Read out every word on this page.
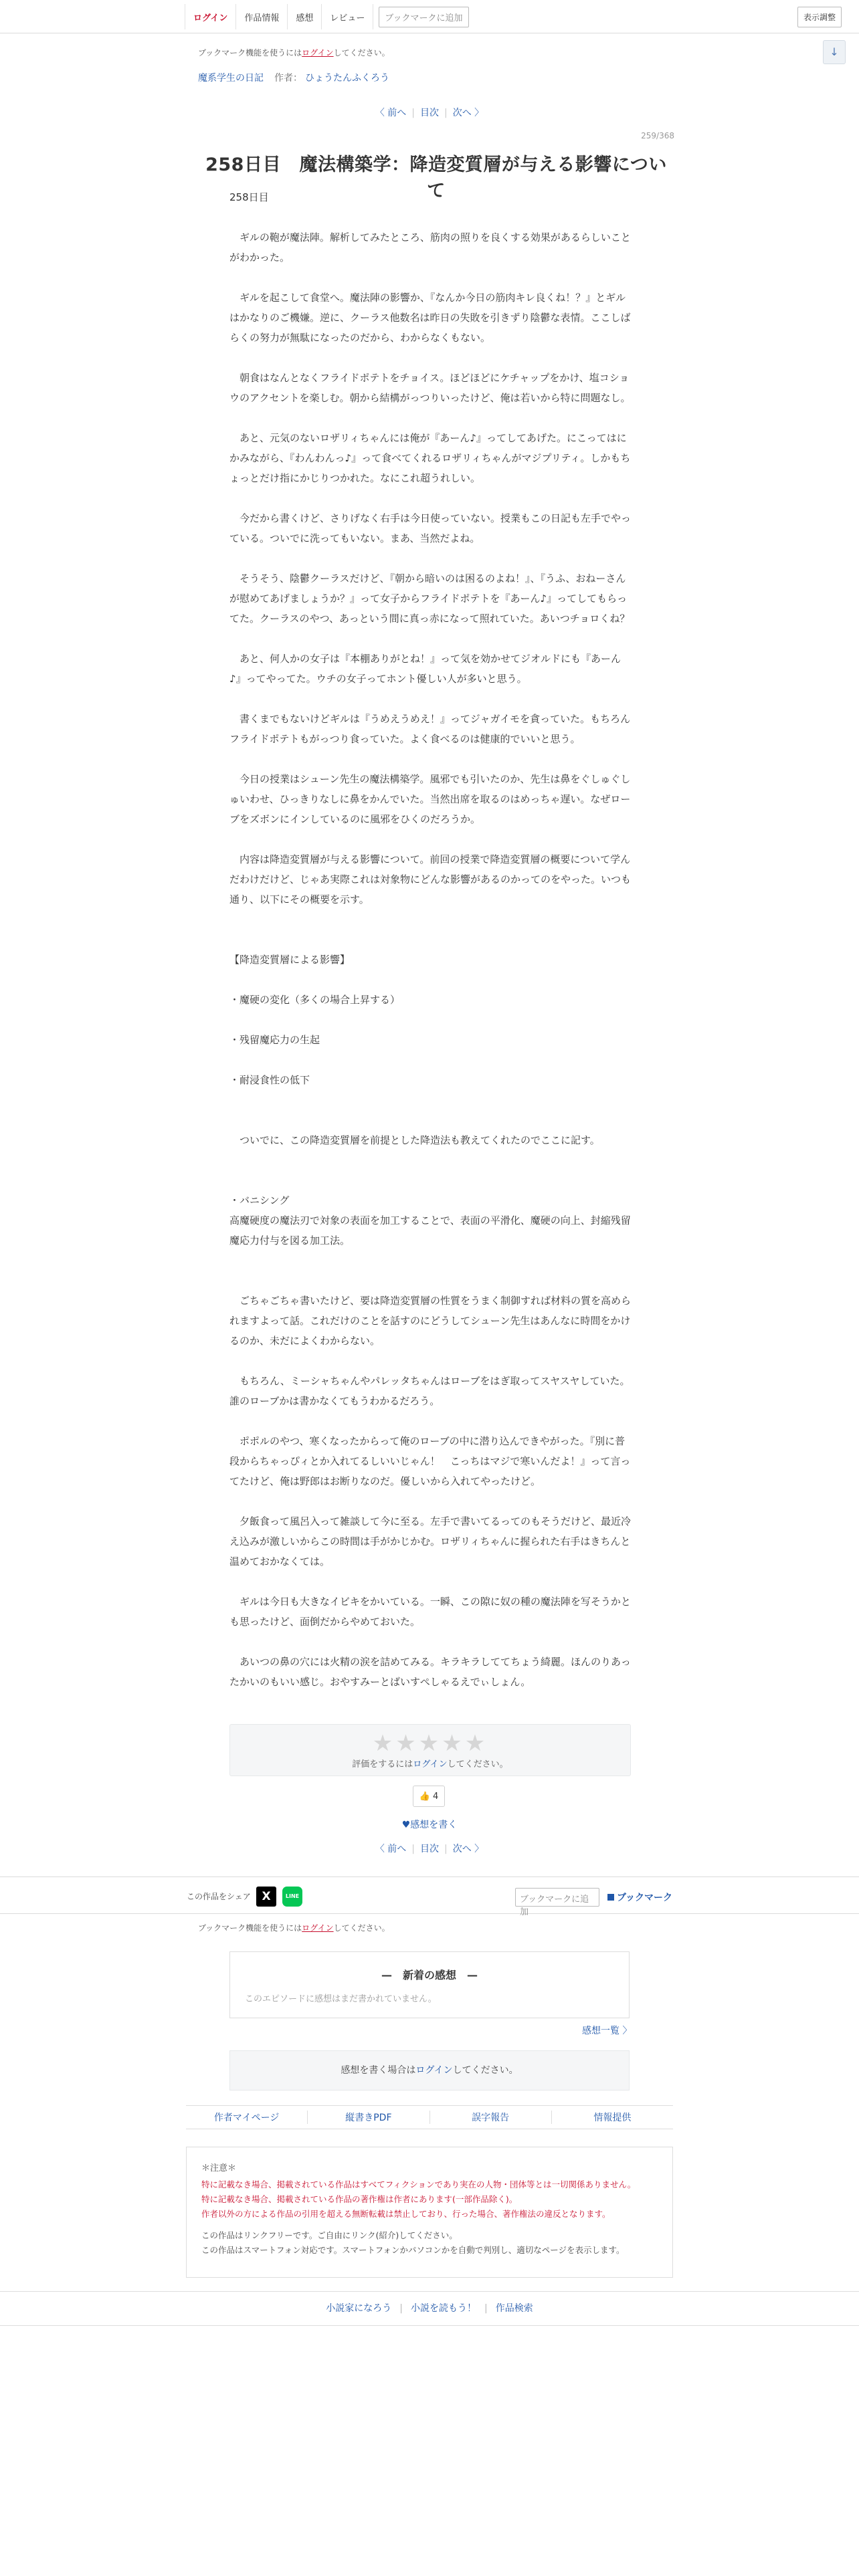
ログイン	作品情報	感想	レビュー	ブックマークに追加	表示調整
↓
ブックマーク機能を使うにはログインしてください。
魔系学生の日記 作者： ひょうたんふくろう
〈 前へ | 目次 | 次へ 〉
259/368
258日目　魔法構築学：降造変質層が与える影響について

258日目

　ギルの鞄が魔法陣。解析してみたところ、筋肉の照りを良くする効果があるらしいことがわかった。

　ギルを起こして食堂へ。魔法陣の影響か、『なんか今日の筋肉キレ良くね！？』とギルはかなりのご機嫌。逆に、クーラス他数名は昨日の失敗を引きずり陰鬱な表情。ここしばらくの努力が無駄になったのだから、わからなくもない。

　朝食はなんとなくフライドポテトをチョイス。ほどほどにケチャップをかけ、塩コショウのアクセントを楽しむ。朝から結構がっつりいったけど、俺は若いから特に問題なし。

　あと、元気のないロザリィちゃんには俺が『あーん♪』ってしてあげた。にこってはにかみながら、『わんわんっ♪』って食べてくれるロザリィちゃんがマジプリティ。しかもちょっとだけ指にかじりつかれた。なにこれ超うれしい。

　今だから書くけど、さりげなく右手は今日使っていない。授業もこの日記も左手でやっている。ついでに洗ってもいない。まあ、当然だよね。

　そうそう、陰鬱クーラスだけど、『朝から暗いのは困るのよね！』、『うふ、おねーさんが慰めてあげましょうか？』って女子からフライドポテトを『あーん♪』ってしてもらってた。クーラスのやつ、あっという間に真っ赤になって照れていた。あいつチョロくね？

　あと、何人かの女子は『本棚ありがとね！』って気を効かせてジオルドにも『あーん♪』ってやってた。ウチの女子ってホント優しい人が多いと思う。

　書くまでもないけどギルは『うめえうめえ！』ってジャガイモを貪っていた。もちろんフライドポテトもがっつり食っていた。よく食べるのは健康的でいいと思う。

　今日の授業はシューン先生の魔法構築学。風邪でも引いたのか、先生は鼻をぐしゅぐしゅいわせ、ひっきりなしに鼻をかんでいた。当然出席を取るのはめっちゃ遅い。なぜローブをズボンにインしているのに風邪をひくのだろうか。

　内容は降造変質層が与える影響について。前回の授業で降造変質層の概要について学んだわけだけど、じゃあ実際これは対象物にどんな影響があるのかってのをやった。いつも通り、以下にその概要を示す。

【降造変質層による影響】

・魔硬の変化（多くの場合上昇する）

・残留魔応力の生起

・耐浸食性の低下

　ついでに、この降造変質層を前提とした降造法も教えてくれたのでここに記す。

・バニシング

高魔硬度の魔法刃で対象の表面を加工することで、表面の平滑化、魔硬の向上、封縮残留魔応力付与を図る加工法。

　ごちゃごちゃ書いたけど、要は降造変質層の性質をうまく制御すれば材料の質を高められますよって話。これだけのことを話すのにどうしてシューン先生はあんなに時間をかけるのか、未だによくわからない。

　もちろん、ミーシャちゃんやパレッタちゃんはローブをはぎ取ってスヤスヤしていた。誰のローブかは書かなくてもうわかるだろう。

　ポポルのやつ、寒くなったからって俺のローブの中に潜り込んできやがった。『別に普段からちゃっぴィとか入れてるしいいじゃん！　こっちはマジで寒いんだよ！』って言ってたけど、俺は野郎はお断りなのだ。優しいから入れてやったけど。

　夕飯食って風呂入って雑談して今に至る。左手で書いてるってのもそうだけど、最近冷え込みが激しいからこの時間は手がかじかむ。ロザリィちゃんに握られた右手はきちんと温めておかなくては。

　ギルは今日も大きなイビキをかいている。一瞬、この隙に奴の種の魔法陣を写そうかとも思ったけど、面倒だからやめておいた。

　あいつの鼻の穴には火精の涙を詰めてみる。キラキラしててちょう綺麗。ほんのりあったかいのもいい感じ。おやすみーとばいすぺしゃるえでぃしょん。

★★★★★
評価をするにはログインしてください。
👍 4
♥感想を書く
〈 前へ | 目次 | 次へ 〉
この作品をシェア X	LINE	ブックマークに追加
ブックマーク
ブックマーク機能を使うにはログインしてください。
—　新着の感想　—
このエピソードに感想はまだ書かれていません。
感想一覧 〉
感想を書く場合はログインしてください。
作者マイページ	縦書きPDF	誤字報告	情報提供
＊注意＊
特に記載なき場合、掲載されている作品はすべてフィクションであり実在の人物・団体等とは一切関係ありません。
特に記載なき場合、掲載されている作品の著作権は作者にあります(一部作品除く)。
作者以外の方による作品の引用を超える無断転載は禁止しており、行った場合、著作権法の違反となります。
この作品はリンクフリーです。ご自由にリンク(紹介)してください。
この作品はスマートフォン対応です。スマートフォンかパソコンかを自動で判別し、適切なページを表示します。
小説家になろう | 小説を読もう！ | 作品検索
